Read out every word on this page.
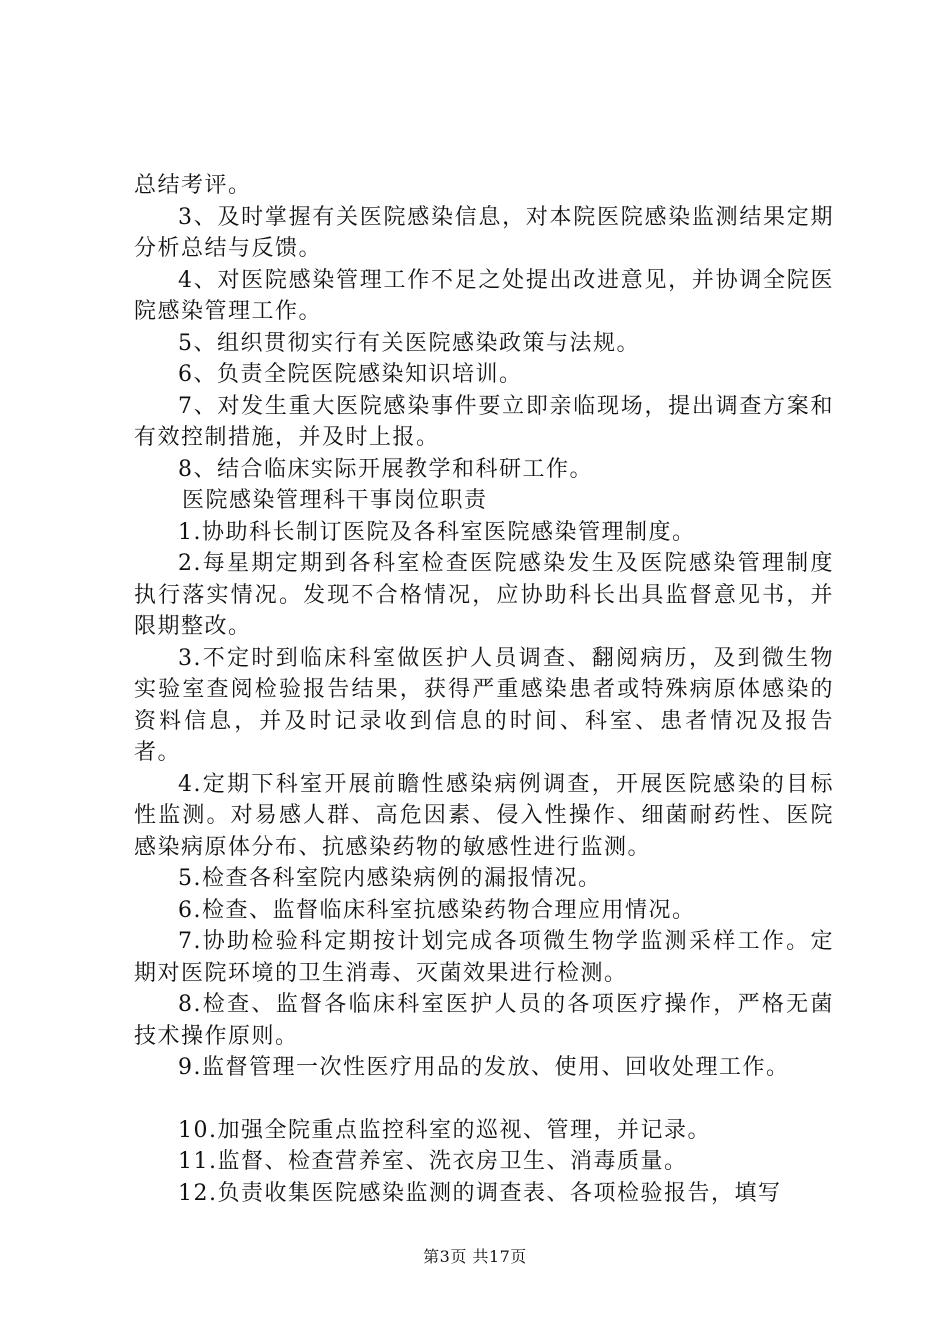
总结考评。

3、及时掌握有关医院感染信息，对本院医院感染监测结果定期分析总结与反馈。

4、对医院感染管理工作不足之处提出改进意见，并协调全院医院感染管理工作。

5、组织贯彻实行有关医院感染政策与法规。

6、负责全院医院感染知识培训。

7、对发生重大医院感染事件要立即亲临现场，提出调查方案和有效控制措施，并及时上报。

8、结合临床实际开展教学和科研工作。

医院感染管理科干事岗位职责

1.协助科长制订医院及各科室医院感染管理制度。

2.每星期定期到各科室检查医院感染发生及医院感染管理制度执行落实情况。发现不合格情况，应协助科长出具监督意见书，并限期整改。

3.不定时到临床科室做医护人员调查、翻阅病历，及到微生物实验室查阅检验报告结果，获得严重感染患者或特殊病原体感染的资料信息，并及时记录收到信息的时间、科室、患者情况及报告者。

4.定期下科室开展前瞻性感染病例调查，开展医院感染的目标性监测。对易感人群、高危因素、侵入性操作、细菌耐药性、医院感染病原体分布、抗感染药物的敏感性进行监测。

5.检查各科室院内感染病例的漏报情况。

6.检查、监督临床科室抗感染药物合理应用情况。

7.协助检验科定期按计划完成各项微生物学监测采样工作。定期对医院环境的卫生消毒、灭菌效果进行检测。

8.检查、监督各临床科室医护人员的各项医疗操作，严格无菌技术操作原则。

9.监督管理一次性医疗用品的发放、使用、回收处理工作。

10.加强全院重点监控科室的巡视、管理，并记录。

11.监督、检查营养室、洗衣房卫生、消毒质量。

12.负责收集医院感染监测的调查表、各项检验报告，填写

第3页 共17页
